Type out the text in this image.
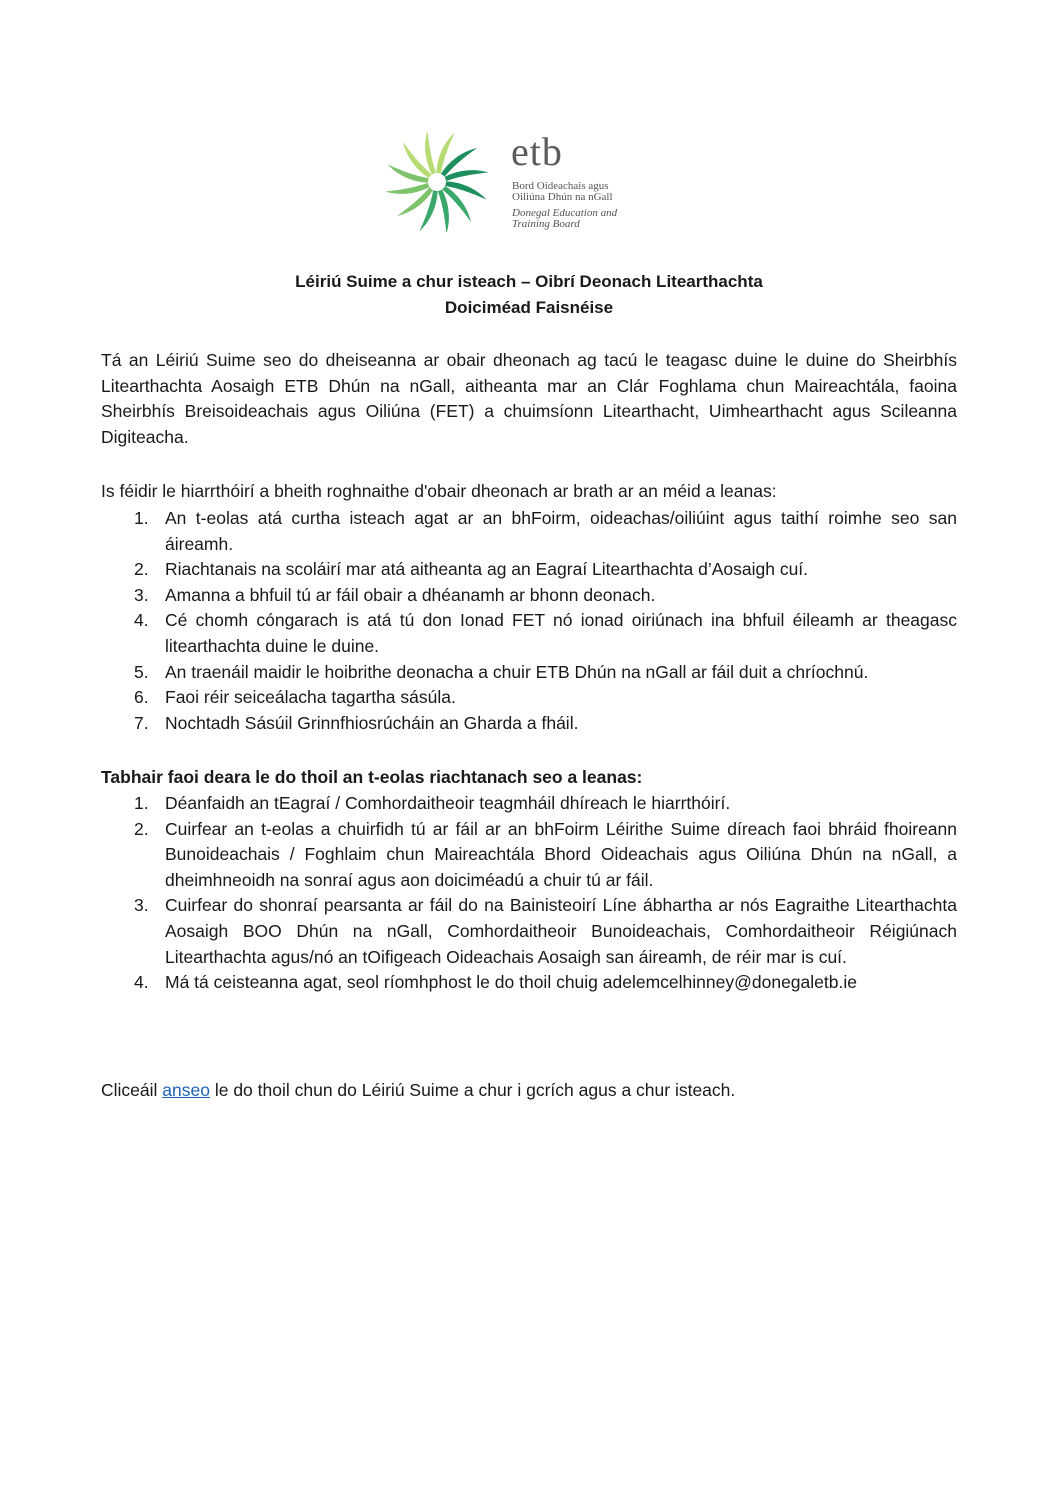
etb
Bord Oideachais agus
Oiliúna Dhún na nGall
Donegal Education and
Training Board
Léiriú Suime a chur isteach – Oibrí Deonach Litearthachta
Doiciméad Faisnéise
Tá an Léiriú Suime seo do dheiseanna ar obair dheonach ag tacú le teagasc duine le duine do Sheirbhís Litearthachta Aosaigh ETB Dhún na nGall, aitheanta mar an Clár Foghlama chun Maireachtála, faoina Sheirbhís Breisoideachais agus Oiliúna (FET) a chuimsíonn Litearthacht, Uimhearthacht agus Scileanna Digiteacha.
Is féidir le hiarrthóirí a bheith roghnaithe d'obair dheonach ar brath ar an méid a leanas:
1. An t-eolas atá curtha isteach agat ar an bhFoirm, oideachas/oiliúint agus taithí roimhe seo san áireamh.
2. Riachtanais na scoláirí mar atá aitheanta ag an Eagraí Litearthachta d’Aosaigh cuí.
3. Amanna a bhfuil tú ar fáil obair a dhéanamh ar bhonn deonach.
4. Cé chomh cóngarach is atá tú don Ionad FET nó ionad oiriúnach ina bhfuil éileamh ar theagasc litearthachta duine le duine.
5. An traenáil maidir le hoibrithe deonacha a chuir ETB Dhún na nGall ar fáil duit a chríochnú.
6. Faoi réir seiceálacha tagartha sásúla.
7. Nochtadh Sásúil Grinnfhiosrúcháin an Gharda a fháil.
Tabhair faoi deara le do thoil an t-eolas riachtanach seo a leanas:
1. Déanfaidh an tEagraí / Comhordaitheoir teagmháil dhíreach le hiarrthóirí.
2. Cuirfear an t-eolas a chuirfidh tú ar fáil ar an bhFoirm Léirithe Suime díreach faoi bhráid fhoireann Bunoideachais / Foghlaim chun Maireachtála Bhord Oideachais agus Oiliúna Dhún na nGall, a dheimhneoidh na sonraí agus aon doiciméadú a chuir tú ar fáil.
3. Cuirfear do shonraí pearsanta ar fáil do na Bainisteoirí Líne ábhartha ar nós Eagraithe Litearthachta Aosaigh BOO Dhún na nGall, Comhordaitheoir Bunoideachais, Comhordaitheoir Réigiúnach Litearthachta agus/nó an tOifigeach Oideachais Aosaigh san áireamh, de réir mar is cuí.
4. Má tá ceisteanna agat, seol ríomhphost le do thoil chuig adelemcelhinney@donegaletb.ie
Cliceáil anseo le do thoil chun do Léiriú Suime a chur i gcrích agus a chur isteach.
